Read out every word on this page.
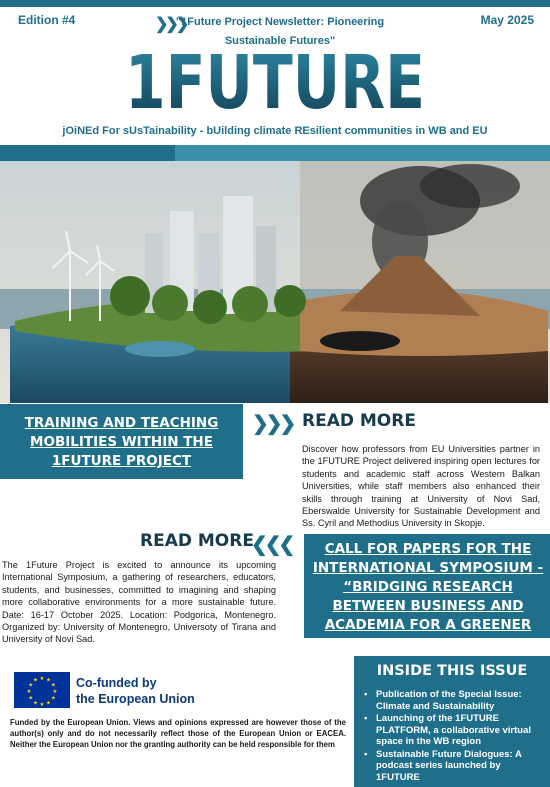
Edition #4	May 2025
❯❯❯
"1Future Project Newsletter: Pioneering Sustainable Futures"
1FUTURE
jOiNEd For sUsTainability - bUilding climate REsilient communities in WB and EU
TRAINING AND TEACHING MOBILITIES WITHIN THE 1FUTURE PROJECT
❯❯❯ READ MORE
Discover how professors from EU Universities partner in the 1FUTURE Project delivered inspiring open lectures for students and academic staff across Western Balkan Universities, while staff members also enhanced their skills through training at University of Novi Sad, Eberswalde University for Sustainable Development and Ss. Cyril and Methodius University in Skopje.
READ MORE
❮❮❮
The 1Future Project is excited to announce its upcoming International Symposium, a gathering of researchers, educators, students, and businesses, committed to imagining and shaping more collaborative environments for a more sustainable future. Date: 16-17 October 2025. Location: Podgorica, Montenegro. Organized by: University of Montenegro, Universoty of Tirana and University of Novi Sad.
CALL FOR PAPERS FOR THE INTERNATIONAL SYMPOSIUM - “BRIDGING RESEARCH BETWEEN BUSINESS AND ACADEMIA FOR A GREENER TOMORROW”
★ ★
★
★
★
★
★
★
★
★
★
★	Co-funded by
the European Union
Funded by the European Union. Views and opinions expressed are however those of the author(s) only and do not necessarily reflect those of the European Union or EACEA. Neither the European Union nor the granting authority can be held responsible for them
INSIDE THIS ISSUE
• Publication of the Special Issue: Climate and Sustainability
• Launching of the 1FUTURE PLATFORM, a collaborative virtual space in the WB region
• Sustainable Future Dialogues: A podcast series launched by 1FUTURE
